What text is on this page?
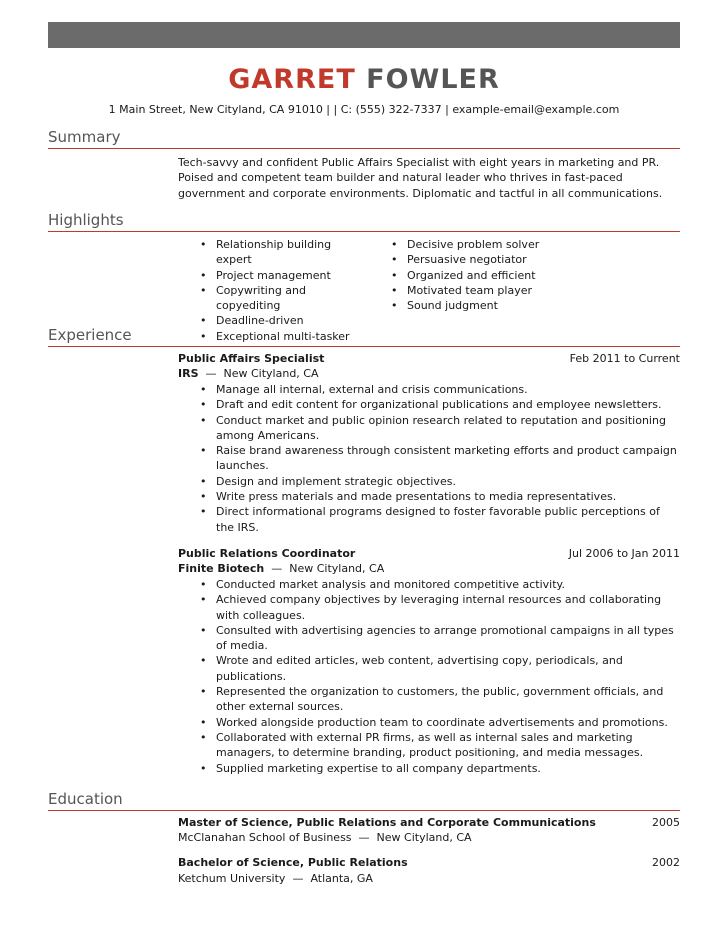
GARRET FOWLER
1 Main Street, New Cityland, CA 91010 | | C: (555) 322-7337 | example-email@example.com
Summary
Tech-savvy and confident Public Affairs Specialist with eight years in marketing and PR. Poised and competent team builder and natural leader who thrives in fast-paced government and corporate environments. Diplomatic and tactful in all communications.
Highlights
• Relationship building expert
• Project management
• Copywriting and copyediting
• Deadline-driven
• Exceptional multi-tasker
• Decisive problem solver
• Persuasive negotiator
• Organized and efficient
• Motivated team player
• Sound judgment
Experience
Public Affairs Specialist	Feb 2011 to Current
IRS  —  New Cityland, CA
• Manage all internal, external and crisis communications.
• Draft and edit content for organizational publications and employee newsletters.
• Conduct market and public opinion research related to reputation and positioning among Americans.
• Raise brand awareness through consistent marketing efforts and product campaign launches.
• Design and implement strategic objectives.
• Write press materials and made presentations to media representatives.
• Direct informational programs designed to foster favorable public perceptions of the IRS.
Public Relations Coordinator	Jul 2006 to Jan 2011
Finite Biotech  —  New Cityland, CA
• Conducted market analysis and monitored competitive activity.
• Achieved company objectives by leveraging internal resources and collaborating with colleagues.
• Consulted with advertising agencies to arrange promotional campaigns in all types of media.
• Wrote and edited articles, web content, advertising copy, periodicals, and publications.
• Represented the organization to customers, the public, government officials, and other external sources.
• Worked alongside production team to coordinate advertisements and promotions.
• Collaborated with external PR firms, as well as internal sales and marketing managers, to determine branding, product positioning, and media messages.
• Supplied marketing expertise to all company departments.
Education
Master of Science, Public Relations and Corporate Communications	2005
McClanahan School of Business  —  New Cityland, CA
Bachelor of Science, Public Relations	2002
Ketchum University  —  Atlanta, GA
